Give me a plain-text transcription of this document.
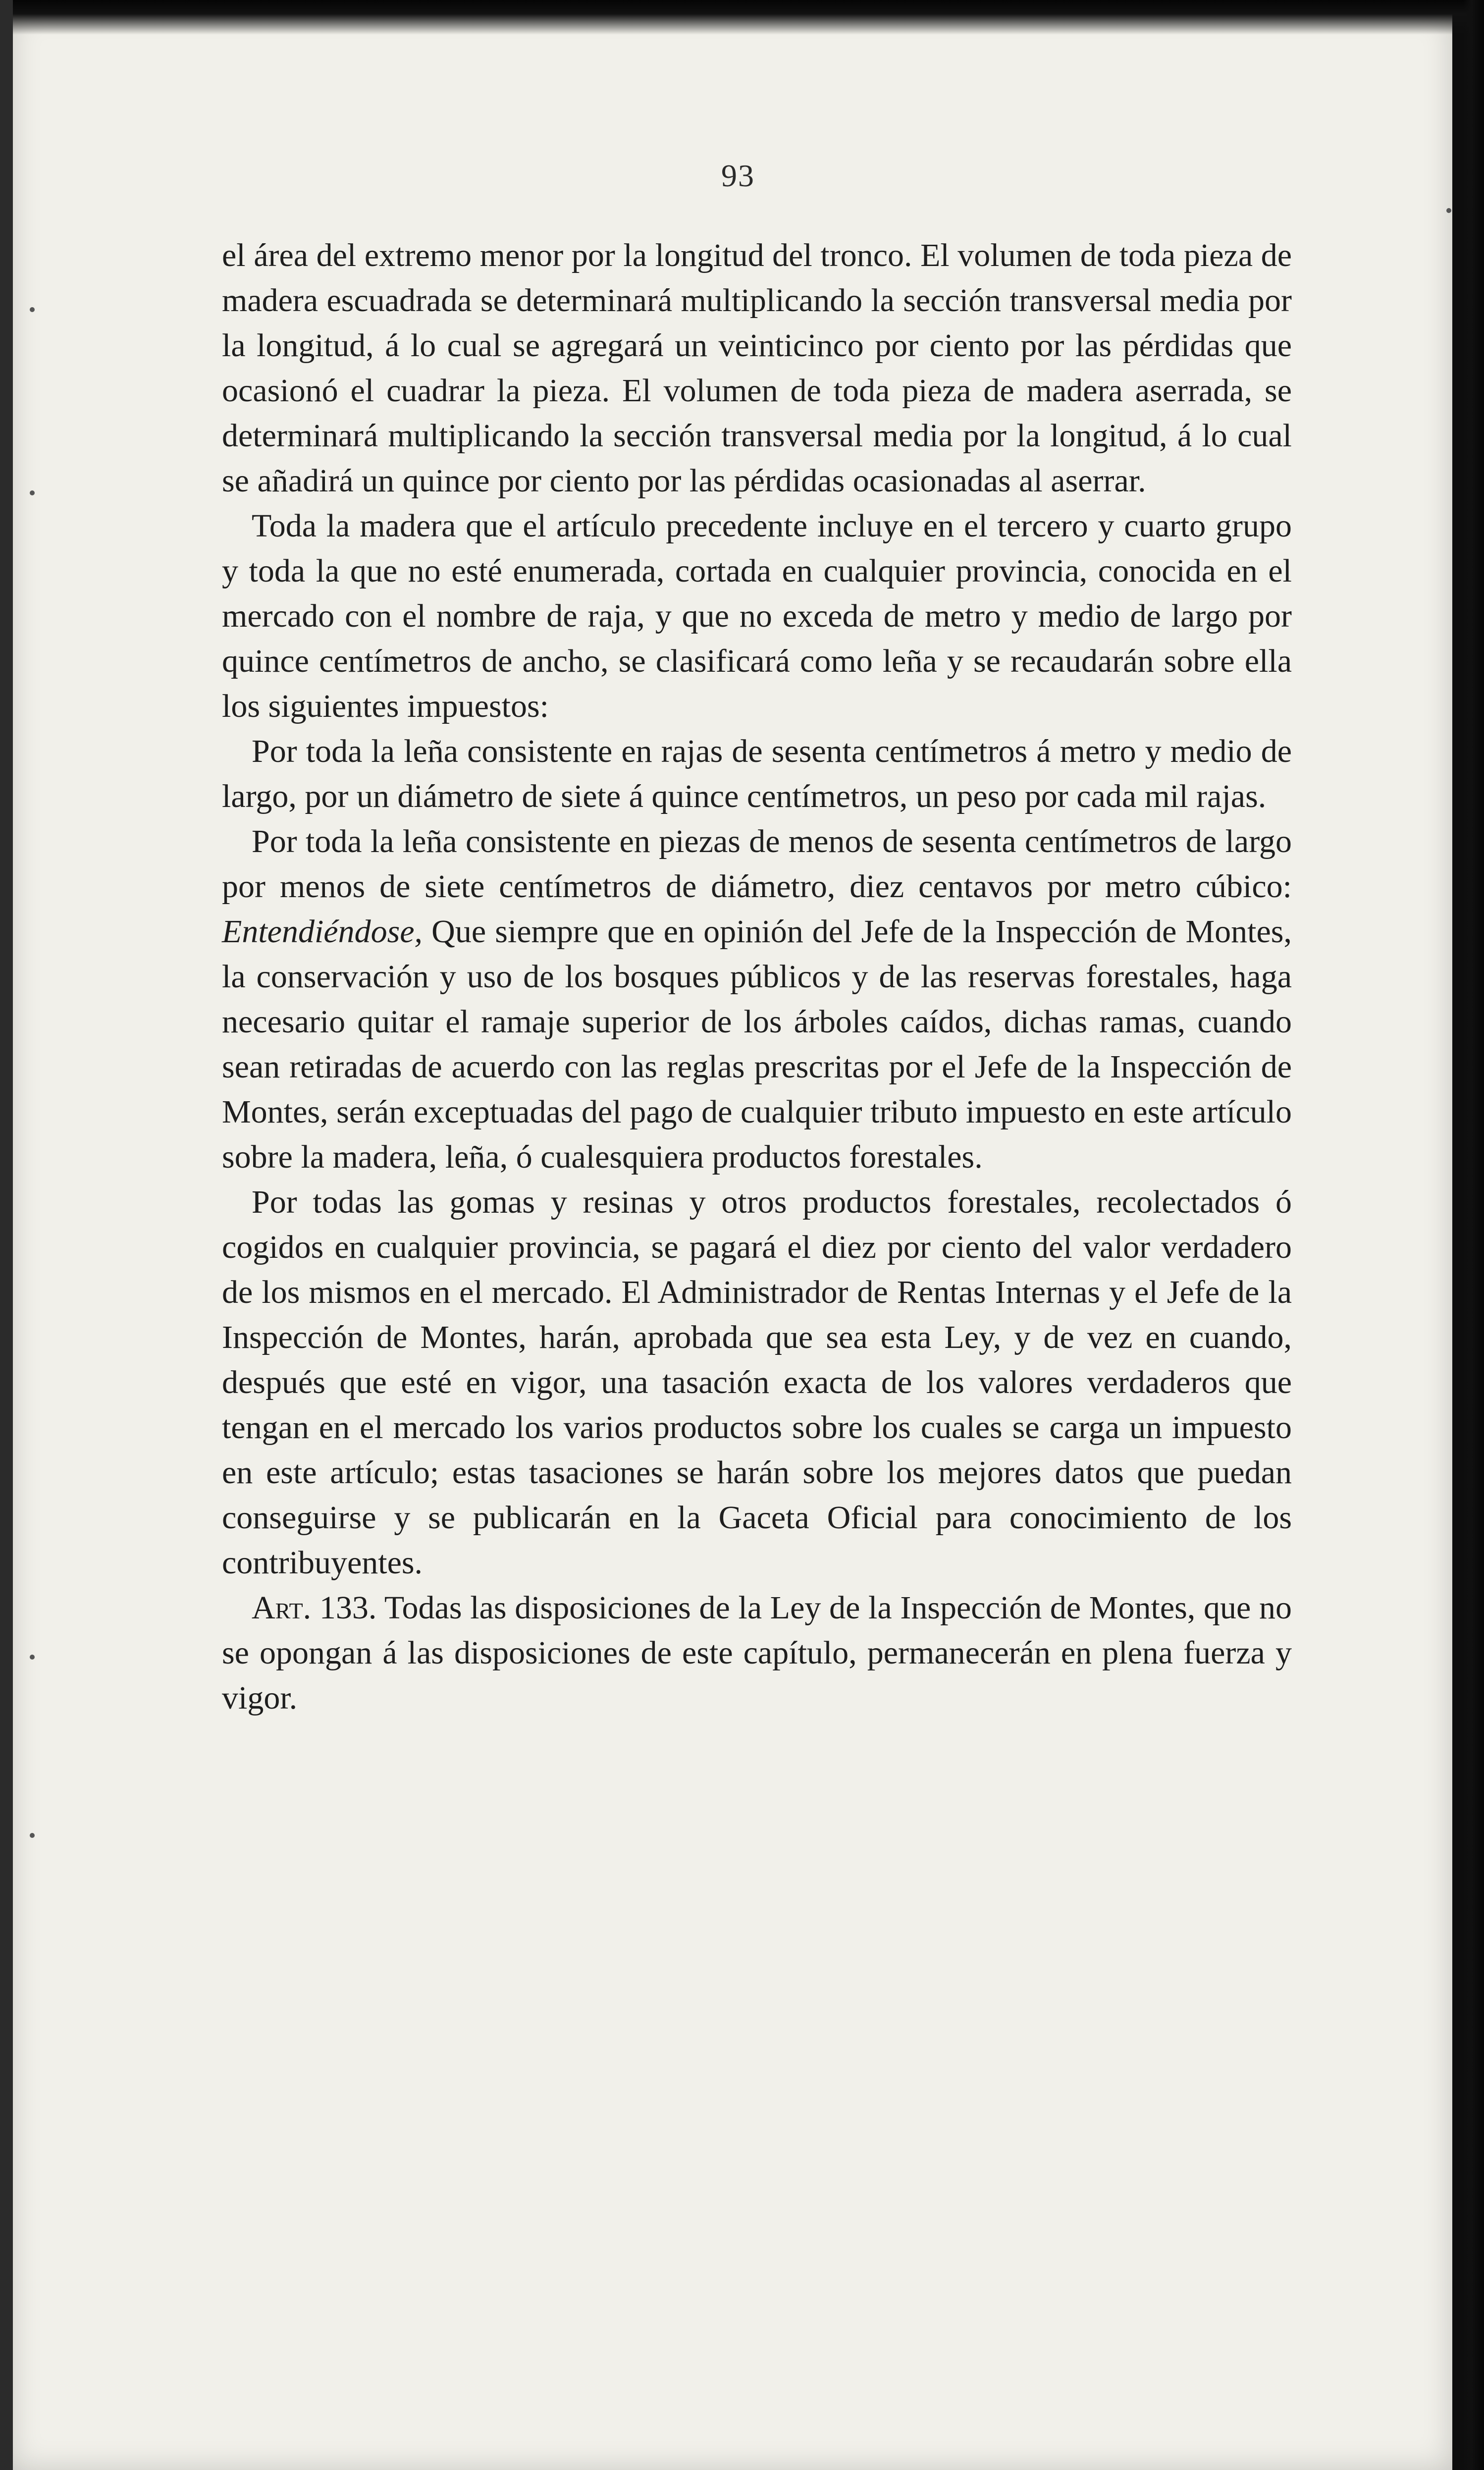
93

el área del extremo menor por la longitud del tronco. El volumen de toda pieza de madera escuadrada se determinará multiplicando la sección transversal media por la longitud, á lo cual se agregará un veinticinco por ciento por las pérdidas que ocasionó el cuadrar la pieza. El volumen de toda pieza de madera aserrada, se determinará multiplicando la sección transversal media por la longitud, á lo cual se añadirá un quince por ciento por las pérdidas ocasionadas al aserrar.

Toda la madera que el artículo precedente incluye en el tercero y cuarto grupo y toda la que no esté enumerada, cortada en cualquier provincia, conocida en el mercado con el nombre de raja, y que no exceda de metro y medio de largo por quince centímetros de ancho, se clasificará como leña y se recaudarán sobre ella los siguientes impuestos:

Por toda la leña consistente en rajas de sesenta centímetros á metro y medio de largo, por un diámetro de siete á quince centímetros, un peso por cada mil rajas.

Por toda la leña consistente en piezas de menos de sesenta centímetros de largo por menos de siete centímetros de diámetro, diez centavos por metro cúbico: Entendiéndose, Que siempre que en opinión del Jefe de la Inspección de Montes, la conservación y uso de los bosques públicos y de las reservas forestales, haga necesario quitar el ramaje superior de los árboles caídos, dichas ramas, cuando sean retiradas de acuerdo con las reglas prescritas por el Jefe de la Inspección de Montes, serán exceptuadas del pago de cualquier tributo impuesto en este artículo sobre la madera, leña, ó cualesquiera productos forestales.

Por todas las gomas y resinas y otros productos forestales, recolectados ó cogidos en cualquier provincia, se pagará el diez por ciento del valor verdadero de los mismos en el mercado. El Administrador de Rentas Internas y el Jefe de la Inspección de Montes, harán, aprobada que sea esta Ley, y de vez en cuando, después que esté en vigor, una tasación exacta de los valores verdaderos que tengan en el mercado los varios productos sobre los cuales se carga un impuesto en este artículo; estas tasaciones se harán sobre los mejores datos que puedan conseguirse y se publicarán en la Gaceta Oficial para conocimiento de los contribuyentes.

Art. 133. Todas las disposiciones de la Ley de la Inspección de Montes, que no se opongan á las disposiciones de este capítulo, permanecerán en plena fuerza y vigor.
